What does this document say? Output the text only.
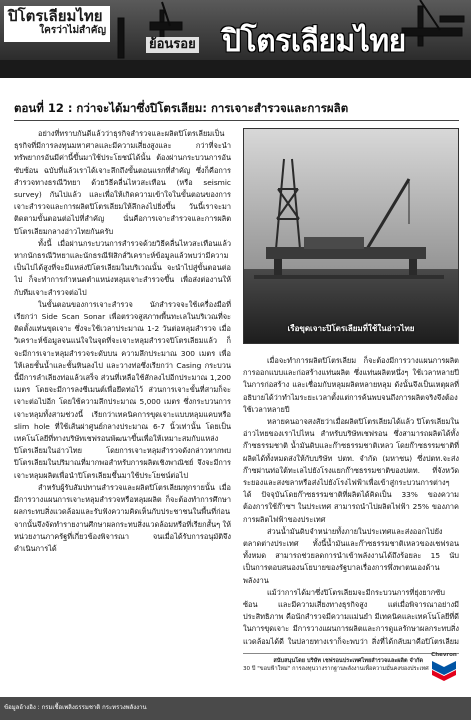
ปิโตรเลียมไทย
ใครว่าไม่สำคัญ
ย้อนรอย ปิโตรเลียมไทย
ตอนที่ 12 : กว่าจะได้มาซึ่งปิโตรเลียม: การเจาะสำรวจและการผลิต

อย่างที่ทราบกันดีแล้วว่าธุรกิจสำรวจและผลิตปิโตรเลียมเป็นธุรกิจที่มีการลงทุนมหาศาลและมีความเสี่ยงสูงและ กว่าที่จะนำทรัพยากรอันมีค่านี้ขึ้นมาใช้ประโยชน์ได้นั้น ต้องผ่านกระบวนการอันซับซ้อน ฉบับที่แล้วเราได้เจาะลึกถึงขั้นตอนแรกที่สำคัญ ซึ่งก็คือการสำรวจทางธรณีวิทยา ด้วยวิธีคลื่นไหวสะเทือน (หรือ seismic survey) กันไปแล้ว และเพื่อให้เกิดความเข้าใจในขั้นตอนของการเจาะสำรวจและการผลิตปิโตรเลียมให้ลึกลงไปยิ่งขึ้น วันนี้เราจะมาติดตามขั้นตอนต่อไปที่สำคัญ นั่นคือการเจาะสำรวจและการผลิตปิโตรเลียมกลางอ่าวไทยกันครับ

ทั้งนี้ เมื่อผ่านกระบวนการสำรวจด้วยวิธีคลื่นไหวสะเทือนแล้ว หากนักธรณีวิทยาและนักธรณีฟิสิกส์วิเคราะห์ข้อมูลแล้วพบว่ามีความเป็นไปได้สูงที่จะมีแหล่งปิโตรเลียมในบริเวณนั้น จะนำไปสู่ขั้นตอนต่อไป ก็จะทำการกำหนดตำแหน่งหลุมเจาะสำรวจขึ้น เพื่อส่งต่องานให้กับทีมเจาะสำรวจต่อไป

ในขั้นตอนของการเจาะสำรวจ นักสำรวจจะใช้เครื่องมือที่เรียกว่า Side Scan Sonar เพื่อตรวจสูสภาพพื้นทะเลในบริเวณที่จะติดตั้งแท่นขุดเจาะ ซึ่งจะใช้เวลาประมาณ 1-2 วันต่อหลุมสำรวจ เมื่อวิเคราะห์ข้อมูลจนแน่ใจในจุดที่จะเจาะหลุมสำรวจปิโตรเลียมแล้ว ก็จะมีการเจาะหลุมสำรวจระดับบน ความลึกประมาณ 300 เมตร เพื่อให้เลยชั้นน้ำและชั้นหินลงไป และวางท่อซึ่งเรียกว่า Casing กระบวนนี้มีการลำเลียงท่อแล้วเสร็จ ส่วนที่เหลือใช้สักลงไปอีกประมาณ 1,200 เมตร โดยจะมีการลงซีเมนต์เพื่อยึดท่อไว้ ส่วนการเจาะขั้นที่สามก็จะเจาะต่อไปอีก โดยใช้ความลึกประมาณ 5,000 เมตร ซึ่งกระบวนการเจาะหลุมทั้งสามช่วงนี้ เรียกว่าเทคนิคการขุดเจาะแบบหลุมแคบหรือ slim hole ที่ใช้เส้นผ่าศูนย์กลางประมาณ 6-7 นิ้วเท่านั้น โดยเป็นเทคโนโลยีที่ทางบริษัทเชฟรอนพัฒนาขึ้นเพื่อให้เหมาะสมกับแหล่งปิโตรเลียมในอ่าวไทย โดยการเจาะหลุมสำรวจดังกล่าวหากพบปิโตรเลียมในปริมาณที่มากพอสำหรับการผลิตเชิงพาณิชย์ จึงจะมีการเจาะหลุมผลิตเพื่อนำปิโตรเลียมขึ้นมาใช้ประโยชน์ต่อไป

สำหรับผู้รับสัมปทานสำรวจและผลิตปิโตรเลียมทุกรายนั้น เมื่อมีการวางแผนการเจาะหลุมสำรวจหรือหลุมผลิต ก็จะต้องทำการศึกษาผลกระทบสิ่งแวดล้อมและรับฟังความคิดเห็นกับประชาชนในพื้นที่ก่อน จากนั้นจึงจัดทำรายงานศึกษาผลกระทบสิ่งแวดล้อมหรือที่เรียกสั้นๆ ให้หน่วยงานภาครัฐที่เกี่ยวข้องพิจารณา จนเมื่อได้รับการอนุมัติจึงดำเนินการได้

เรือขุดเจาะปิโตรเลียมที่ใช้ในอ่าวไทย

เมื่อจะทำการผลิตปิโตรเลียม ก็จะต้องมีการวางแผนการผลิต การออกแบบและก่อสร้างแท่นผลิต ซึ่งแท่นผลิตหนึ่งๆ ใช้เวลาหลายปีในการก่อสร้าง และเชื่อมกับหลุมผลิตหลายหลุม ดังนั้นจึงเป็นเหตุผลที่อธิบายได้ว่าทำไมระยะเวลาตั้งแต่การค้นพบจนถึงการผลิตจริงจึงต้องใช้เวลาหลายปี

หลายคนอาจสงสัยว่าเมื่อผลิตปิโตรเลียมได้แล้ว ปิโตรเลียมในอ่าวไทยของเราไปไหน สำหรับบริษัทเชฟรอน ซึ่งสามารถผลิตได้ทั้งก๊าซธรรมชาติ น้ำมันดิบและก๊าซธรรมชาติเหลว โดยก๊าซธรรมชาติที่ผลิตได้ทั้งหมดส่งให้กับบริษัท ปตท. จำกัด (มหาชน) ซึ่งปตท.จะส่งก๊าซผ่านท่อใต้ทะเลไปยังโรงแยกก๊าซธรรมชาติของปตท. ที่จังหวัดระยองและสงขลาหรือส่งไปยังโรงไฟฟ้าเพื่อเข้าสู่กระบวนการต่างๆ ได้ ปัจจุบันโดยก๊าซธรรมชาติที่ผลิตได้คิดเป็น 33% ของความต้องการใช้ก๊าซฯ ในประเทศ สามารถนำไปผลิตไฟฟ้า 25% ของภาคการผลิตไฟฟ้าของประเทศ

ส่วนน้ำมันดิบจำหน่ายทั้งภายในประเทศและส่งออกไปยังตลาดต่างประเทศ ทั้งนี้น้ำมันและก๊าซธรรมชาติเหลวของเชฟรอนทั้งหมด สามารถช่วยลดการนำเข้าพลังงานได้ถึงร้อยละ 15 นับเป็นการตอบสนองนโยบายของรัฐบาลเรื่องการพึ่งพาตนเองด้านพลังงาน

แม้ว่าการได้มาซึ่งปิโตรเลียมจะมีกระบวนการที่ยุ่งยากซับซ้อน และมีความเสี่ยงทางธุรกิจสูง แต่เมื่อพิจารณาอย่างมีประสิทธิภาพ คือนักสำรวจมีความแม่นยำ มีเทคนิคและเทคโนโลยีที่ดีในการขุดเจาะ มีการวางแผนการผลิตและการดูแลรักษาผลกระทบสิ่งแวดล้อมได้ดี ในปลายทางเราก็จะพบว่า สิ่งที่ได้กลับมาคือปิโตรเลียม

สนับสนุนโดย บริษัท เชฟรอนประเทศไทยสำรวจและผลิต จำกัด
30 ปี "ขอบฟ้าใหม่" การลงทุนวางรากฐานพลังงานเพื่อความมั่นคงของประเทศ
Chevron
ข้อมูลอ้างอิง : กรมเชื้อเพลิงธรรมชาติ กระทรวงพลังงาน
